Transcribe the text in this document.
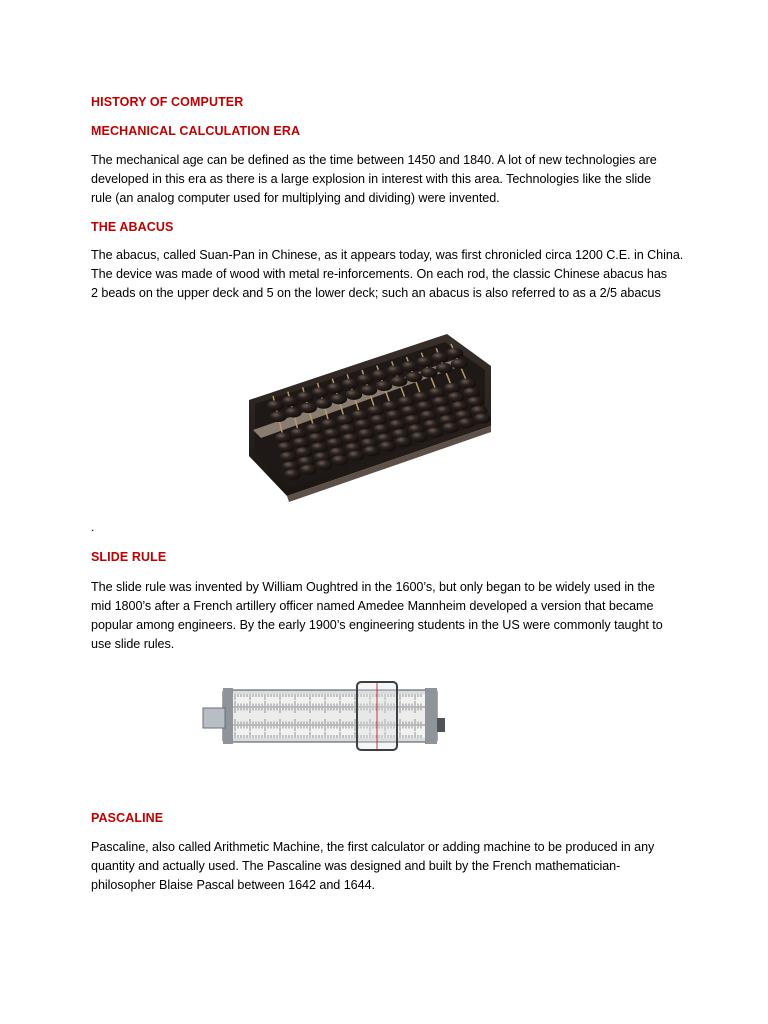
HISTORY OF COMPUTER
MECHANICAL CALCULATION ERA

The mechanical age can be defined as the time between 1450 and 1840. A lot of new technologies are
developed in this era as there is a large explosion in interest with this area. Technologies like the slide
rule (an analog computer used for multiplying and dividing) were invented.

THE ABACUS

The abacus, called Suan-Pan in Chinese, as it appears today, was first chronicled circa 1200 C.E. in China.
The device was made of wood with metal re-inforcements. On each rod, the classic Chinese abacus has
2 beads on the upper deck and 5 on the lower deck; such an abacus is also referred to as a 2/5 abacus

.

SLIDE RULE

The slide rule was invented by William Oughtred in the 1600’s, but only began to be widely used in the
mid 1800’s after a French artillery officer named Amedee Mannheim developed a version that became
popular among engineers. By the early 1900’s engineering students in the US were commonly taught to
use slide rules.

PASCALINE

Pascaline, also called Arithmetic Machine, the first calculator or adding machine to be produced in any
quantity and actually used. The Pascaline was designed and built by the French mathematician-
philosopher Blaise Pascal between 1642 and 1644.
